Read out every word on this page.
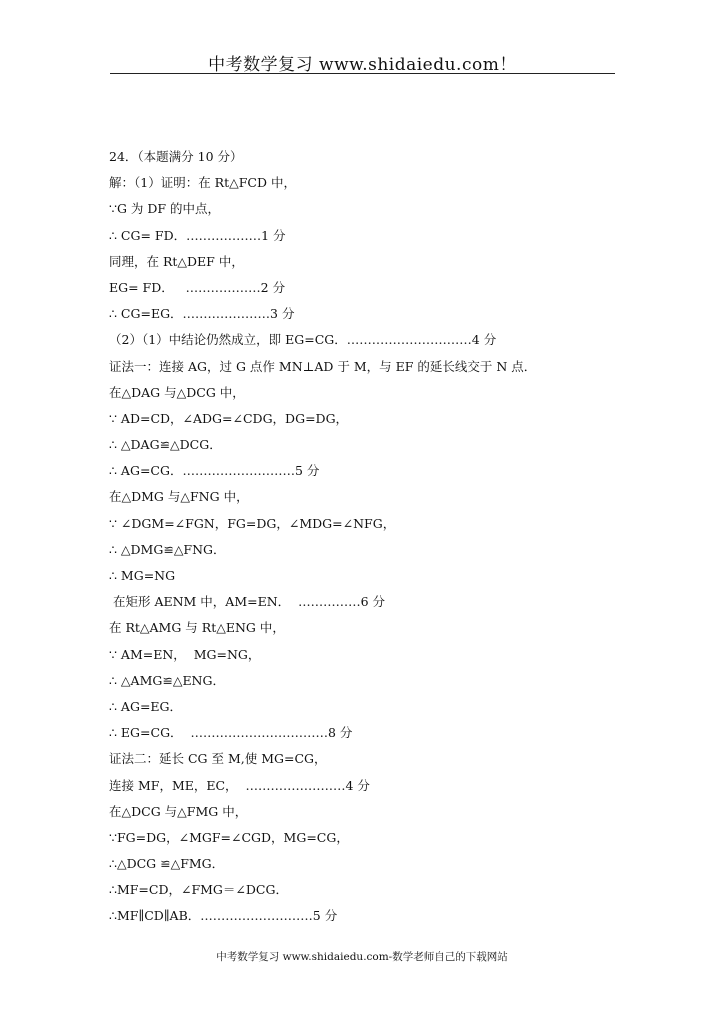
中考数学复习 www.shidaiedu.com！
24．（本题满分 10 分）
解：（1）证明：在 Rt△FCD 中，
∵G 为 DF 的中点，
∴ CG= FD．………………1 分
同理，在 Rt△DEF 中，
EG= FD．   ………………2 分
∴ CG=EG．…………………3 分
（2）（1）中结论仍然成立，即 EG=CG．…………………………4 分
证法一：连接 AG，过 G 点作 MN⊥AD 于 M，与 EF 的延长线交于 N 点．
在△DAG 与△DCG 中，
∵ AD=CD，∠ADG=∠CDG，DG=DG，
∴ △DAG≌△DCG．
∴ AG=CG．………………………5 分
在△DMG 与△FNG 中，
∵ ∠DGM=∠FGN，FG=DG，∠MDG=∠NFG，
∴ △DMG≌△FNG．
∴ MG=NG
在矩形 AENM 中，AM=EN．  ……………6 分
在 Rt△AMG 与 Rt△ENG 中，
∵ AM=EN，  MG=NG，
∴ △AMG≌△ENG．
∴ AG=EG．
∴ EG=CG．  ……………………………8 分
证法二：延长 CG 至 M,使 MG=CG，
连接 MF，ME，EC，  ……………………4 分
在△DCG 与△FMG 中，
∵FG=DG，∠MGF=∠CGD，MG=CG，
∴△DCG ≌△FMG．
∴MF=CD，∠FMG＝∠DCG．
∴MF∥CD∥AB．………………………5 分
中考数学复习 www.shidaiedu.com-数学老师自己的下载网站
